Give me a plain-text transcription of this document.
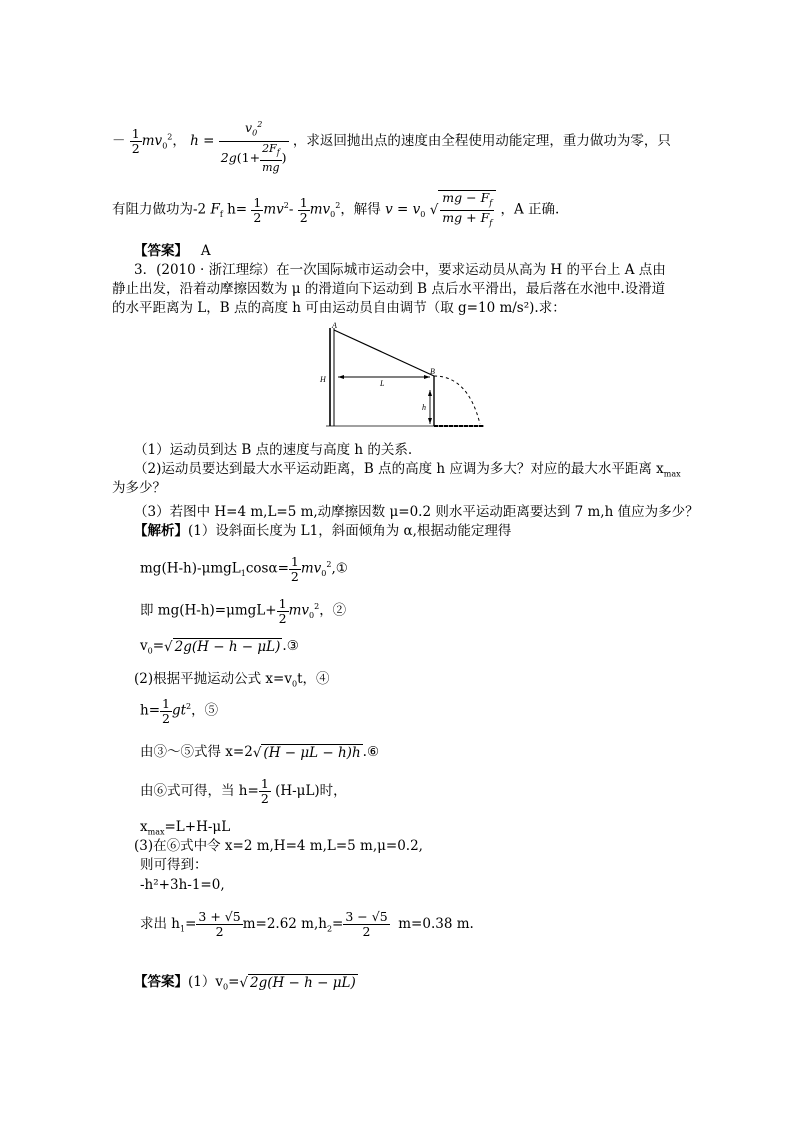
－ $\frac{1}{2} mv_0^2$， $h = \frac{v_0^2}{2g(1+ \frac{2F_f}{mg} )}$ ，求返回抛出点的速度由全程使用动能定理，重力做功为零，只
有阻力做功为-2 $F_f$ $h= \frac{1}{2} mv^2- \frac{1}{2} mv_0^2$，解得 $v = v_0$ √ $\frac{mg - F_f}{mg + F_f}$ ，A 正确.
【答案】 A
3．(2010 · 浙江理综）在一次国际城市运动会中，要求运动员从高为 H 的平台上 A 点由
静止出发，沿着动摩擦因数为 μ 的滑道向下运动到 B 点后水平滑出，最后落在水池中.设滑道
的水平距离为 L，B 点的高度 h 可由运动员自由调节（取 g=10 m/s²).求：
A
B
H	L
h
（1）运动员到达 B 点的速度与高度 h 的关系.
（2)运动员要达到最大水平运动距离，B 点的高度 h 应调为多大？对应的最大水平距离 $x_{max}$
为多少？
（3）若图中 H=4 m,L=5 m,动摩擦因数 μ=0.2 则水平运动距离要达到 7 m,h 值应为多少？
【解析】(1）设斜面长度为 L1，斜面倾角为 α,根据动能定理得
$mg(H-h)-\mu mgL_1\cos\alpha= \frac{1}{2}$ $mv_0^2,①$
即 $mg(H-h)=\mu mgL+ \frac{1}{2} mv_0^2$，②
$v_0=√$ 2g(H − h − μL) .③
(2)根据平抛运动公式 $x=v_0t$，④
$h= \frac{1}{2} gt^2$，⑤
由③～⑤式得 x=2√ (H − μL − h)h .⑥
由⑥式可得，当 $h= \frac{1}{2} (H-\mu L)$时，
$x_{max}=L+H-\mu L$
(3)在⑥式中令 x=2 m,H=4 m,L=5 m,μ=0.2,
则可得到：
-h²+3h-1=0,
求出 $h_1= \frac{3 + √5}{2} m=2.62$ $m,h_2= \frac{3 - √5}{2} m=0.38$ m.
【答案】$(1)v_0=√$ 2g(H − h − μL)
